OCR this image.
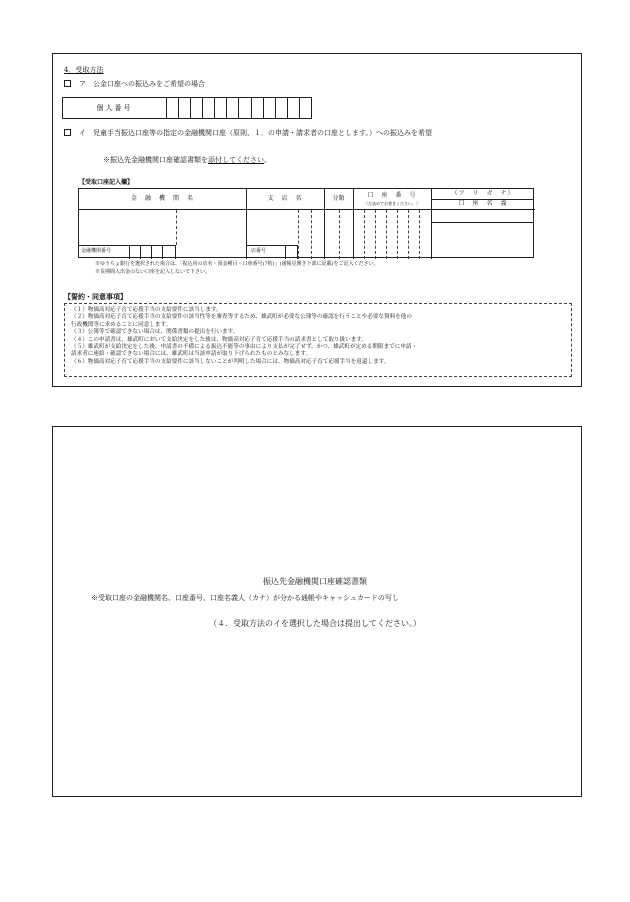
4．受取方法
ア　公金口座への振込みをご希望の場合
個人番号
イ　児童手当振込口座等の指定の金融機関口座（原則、１．の申請・請求者の口座とします。）への振込みを希望
※振込先金融機関口座確認書類を添付してください。
【受取口座記入欄】
金　融　機　関　名	支　店　名	分類	口　座　番　号
（左詰めでお書きください。）
（フ　リ　ガ　ナ）
口　座　名　義
金融機関番号	店番号
※ゆうちょ銀行を選択された場合は、「振込用の店名・預金種目・口座番号(7桁)」(通帳見開き下部に記載)をご記入ください。
※長期間入出金のない口座を記入しないで下さい。
【誓約・同意事項】
（１）物価高対応子育て応援手当の支給要件に該当します。
（２）物価高対応子育て応援手当の支給要件の該当性等を審査等するため、雄武町が必要な公簿等の確認を行うことや必要な資料を他の
行政機関等に求めることに同意します。
（３）公簿等で確認できない場合は、関係書類の提出を行います。
（４）この申請書は、雄武町において支給決定をした後は、物価高対応子育て応援手当の請求書として取り扱います。
（５）雄武町が支給決定をした後、申請書の不備による振込不能等の事由により支払が完了せず、かつ、雄武町が定める期限までに申請・
請求者に連絡・確認できない場合には、雄武町は当該申請が取り下げられたものとみなします。
（６）物価高対応子育て応援手当の支給要件に該当しないことが判明した場合には、物価高対応子育て応援手当を返還します。
振込先金融機関口座確認書類
※受取口座の金融機関名、口座番号、口座名義人（カナ）が分かる通帳やキャッシュカードの写し
（４．受取方法のイを選択した場合は提出してください。）
